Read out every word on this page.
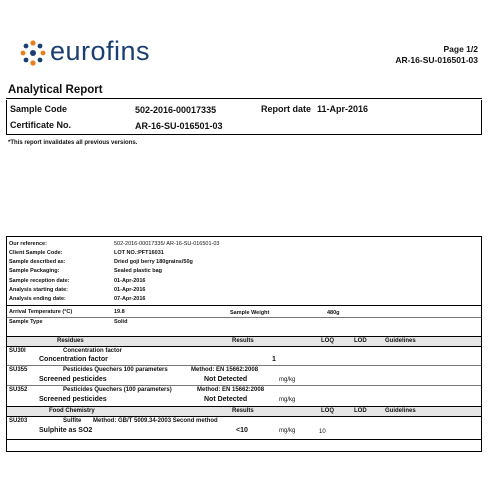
eurofins	Page 1/2
AR-16-SU-016501-03
Analytical Report
Sample Code	502-2016-00017335	Report date 11-Apr-2016
Certificate No.	AR-16-SU-016501-03
*This report invalidates all previous versions.
Our reference:	502-2016-00017335/ AR-16-SU-016501-03
Client Sample Code:	LOT NO.:PFT16031
Sample described as:	Dried goji berry 180grains/50g
Sample Packaging:	Sealed plastic bag
Sample reception date:	01-Apr-2016
Analysis starting date:	01-Apr-2016
Analysis ending date:	07-Apr-2016
Arrival Temperature (°C)	19.8	Sample Weight	480g
Sample Type	Solid
Residues	Results	LOQ	LOD	Guidelines
SU30I	Concentration factor
Concentration factor	1
SU355	Pesticides Quechers 100 parameters	Method: EN 15662:2008
Screened pesticides	Not Detected	mg/kg
SU352	Pesticides Quechers (100 parameters)	Method: EN 15662:2008
Screened pesticides	Not Detected	mg/kg
Food Chemistry	Results	LOQ	LOD	Guidelines
SU203	Sulfite Method: GB/T 5009.34-2003 Second method
Sulphite as SO2	<10	mg/kg	10
